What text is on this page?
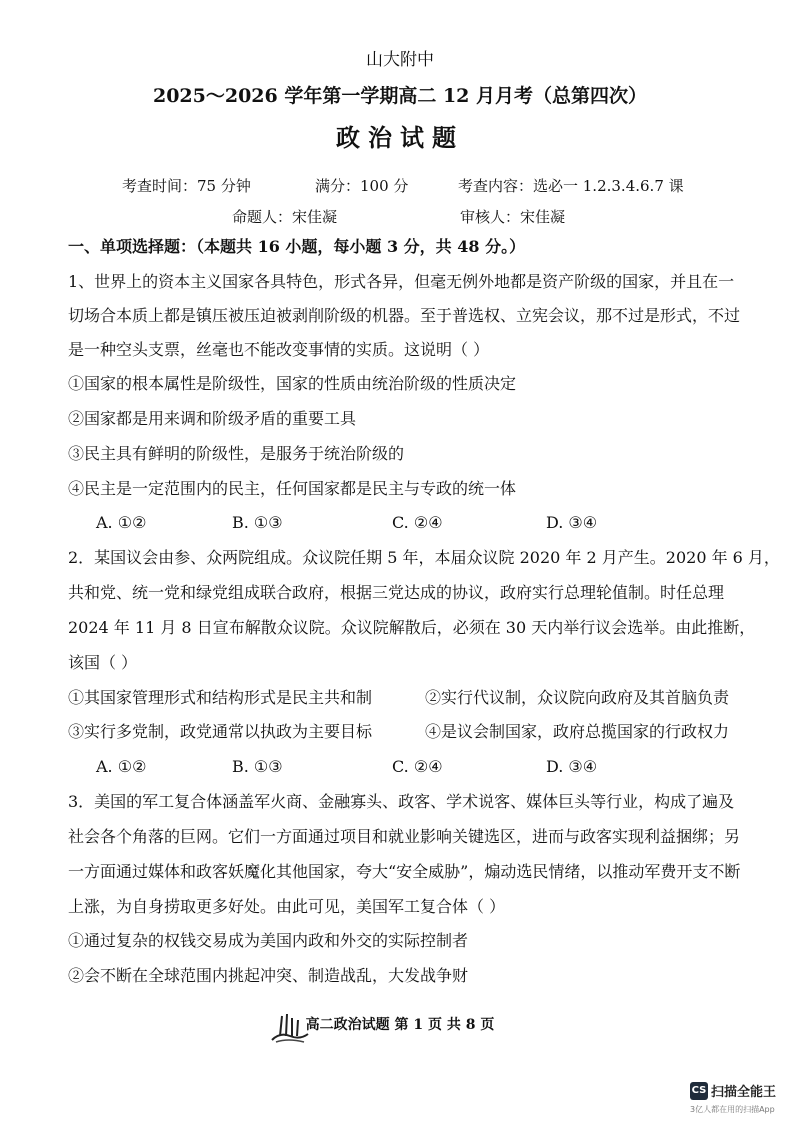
山大附中
2025～2026 学年第一学期高二 12 月月考（总第四次）
政治试题
考查时间：75 分钟	满分：100 分	考查内容：选必一 1.2.3.4.6.7 课
命题人：宋佳凝	审核人：宋佳凝
一、单项选择题：（本题共 16 小题，每小题 3 分，共 48 分。）
1、世界上的资本主义国家各具特色，形式各异，但毫无例外地都是资产阶级的国家，并且在一
切场合本质上都是镇压被压迫被剥削阶级的机器。至于普选权、立宪会议，那不过是形式，不过
是一种空头支票，丝毫也不能改变事情的实质。这说明（ ）
①国家的根本属性是阶级性，国家的性质由统治阶级的性质决定
②国家都是用来调和阶级矛盾的重要工具
③民主具有鲜明的阶级性，是服务于统治阶级的
④民主是一定范围内的民主，任何国家都是民主与专政的统一体
A. ①②	B. ①③	C. ②④	D. ③④
2．某国议会由参、众两院组成。众议院任期 5 年，本届众议院 2020 年 2 月产生。2020 年 6 月，
共和党、统一党和绿党组成联合政府，根据三党达成的协议，政府实行总理轮值制。时任总理
2024 年 11 月 8 日宣布解散众议院。众议院解散后，必须在 30 天内举行议会选举。由此推断，
该国（ ）
①其国家管理形式和结构形式是民主共和制	②实行代议制，众议院向政府及其首脑负责
③实行多党制，政党通常以执政为主要目标	④是议会制国家，政府总揽国家的行政权力
A. ①②	B. ①③	C. ②④	D. ③④
3．美国的军工复合体涵盖军火商、金融寡头、政客、学术说客、媒体巨头等行业，构成了遍及
社会各个角落的巨网。它们一方面通过项目和就业影响关键选区，进而与政客实现利益捆绑；另
一方面通过媒体和政客妖魔化其他国家，夸大“安全威胁”，煽动选民情绪，以推动军费开支不断
上涨，为自身捞取更多好处。由此可见，美国军工复合体（ ）
①通过复杂的权钱交易成为美国内政和外交的实际控制者
②会不断在全球范围内挑起冲突、制造战乱，大发战争财
高二政治试题 第 1 页 共 8 页
CS 扫描全能王
3亿人都在用的扫描App
